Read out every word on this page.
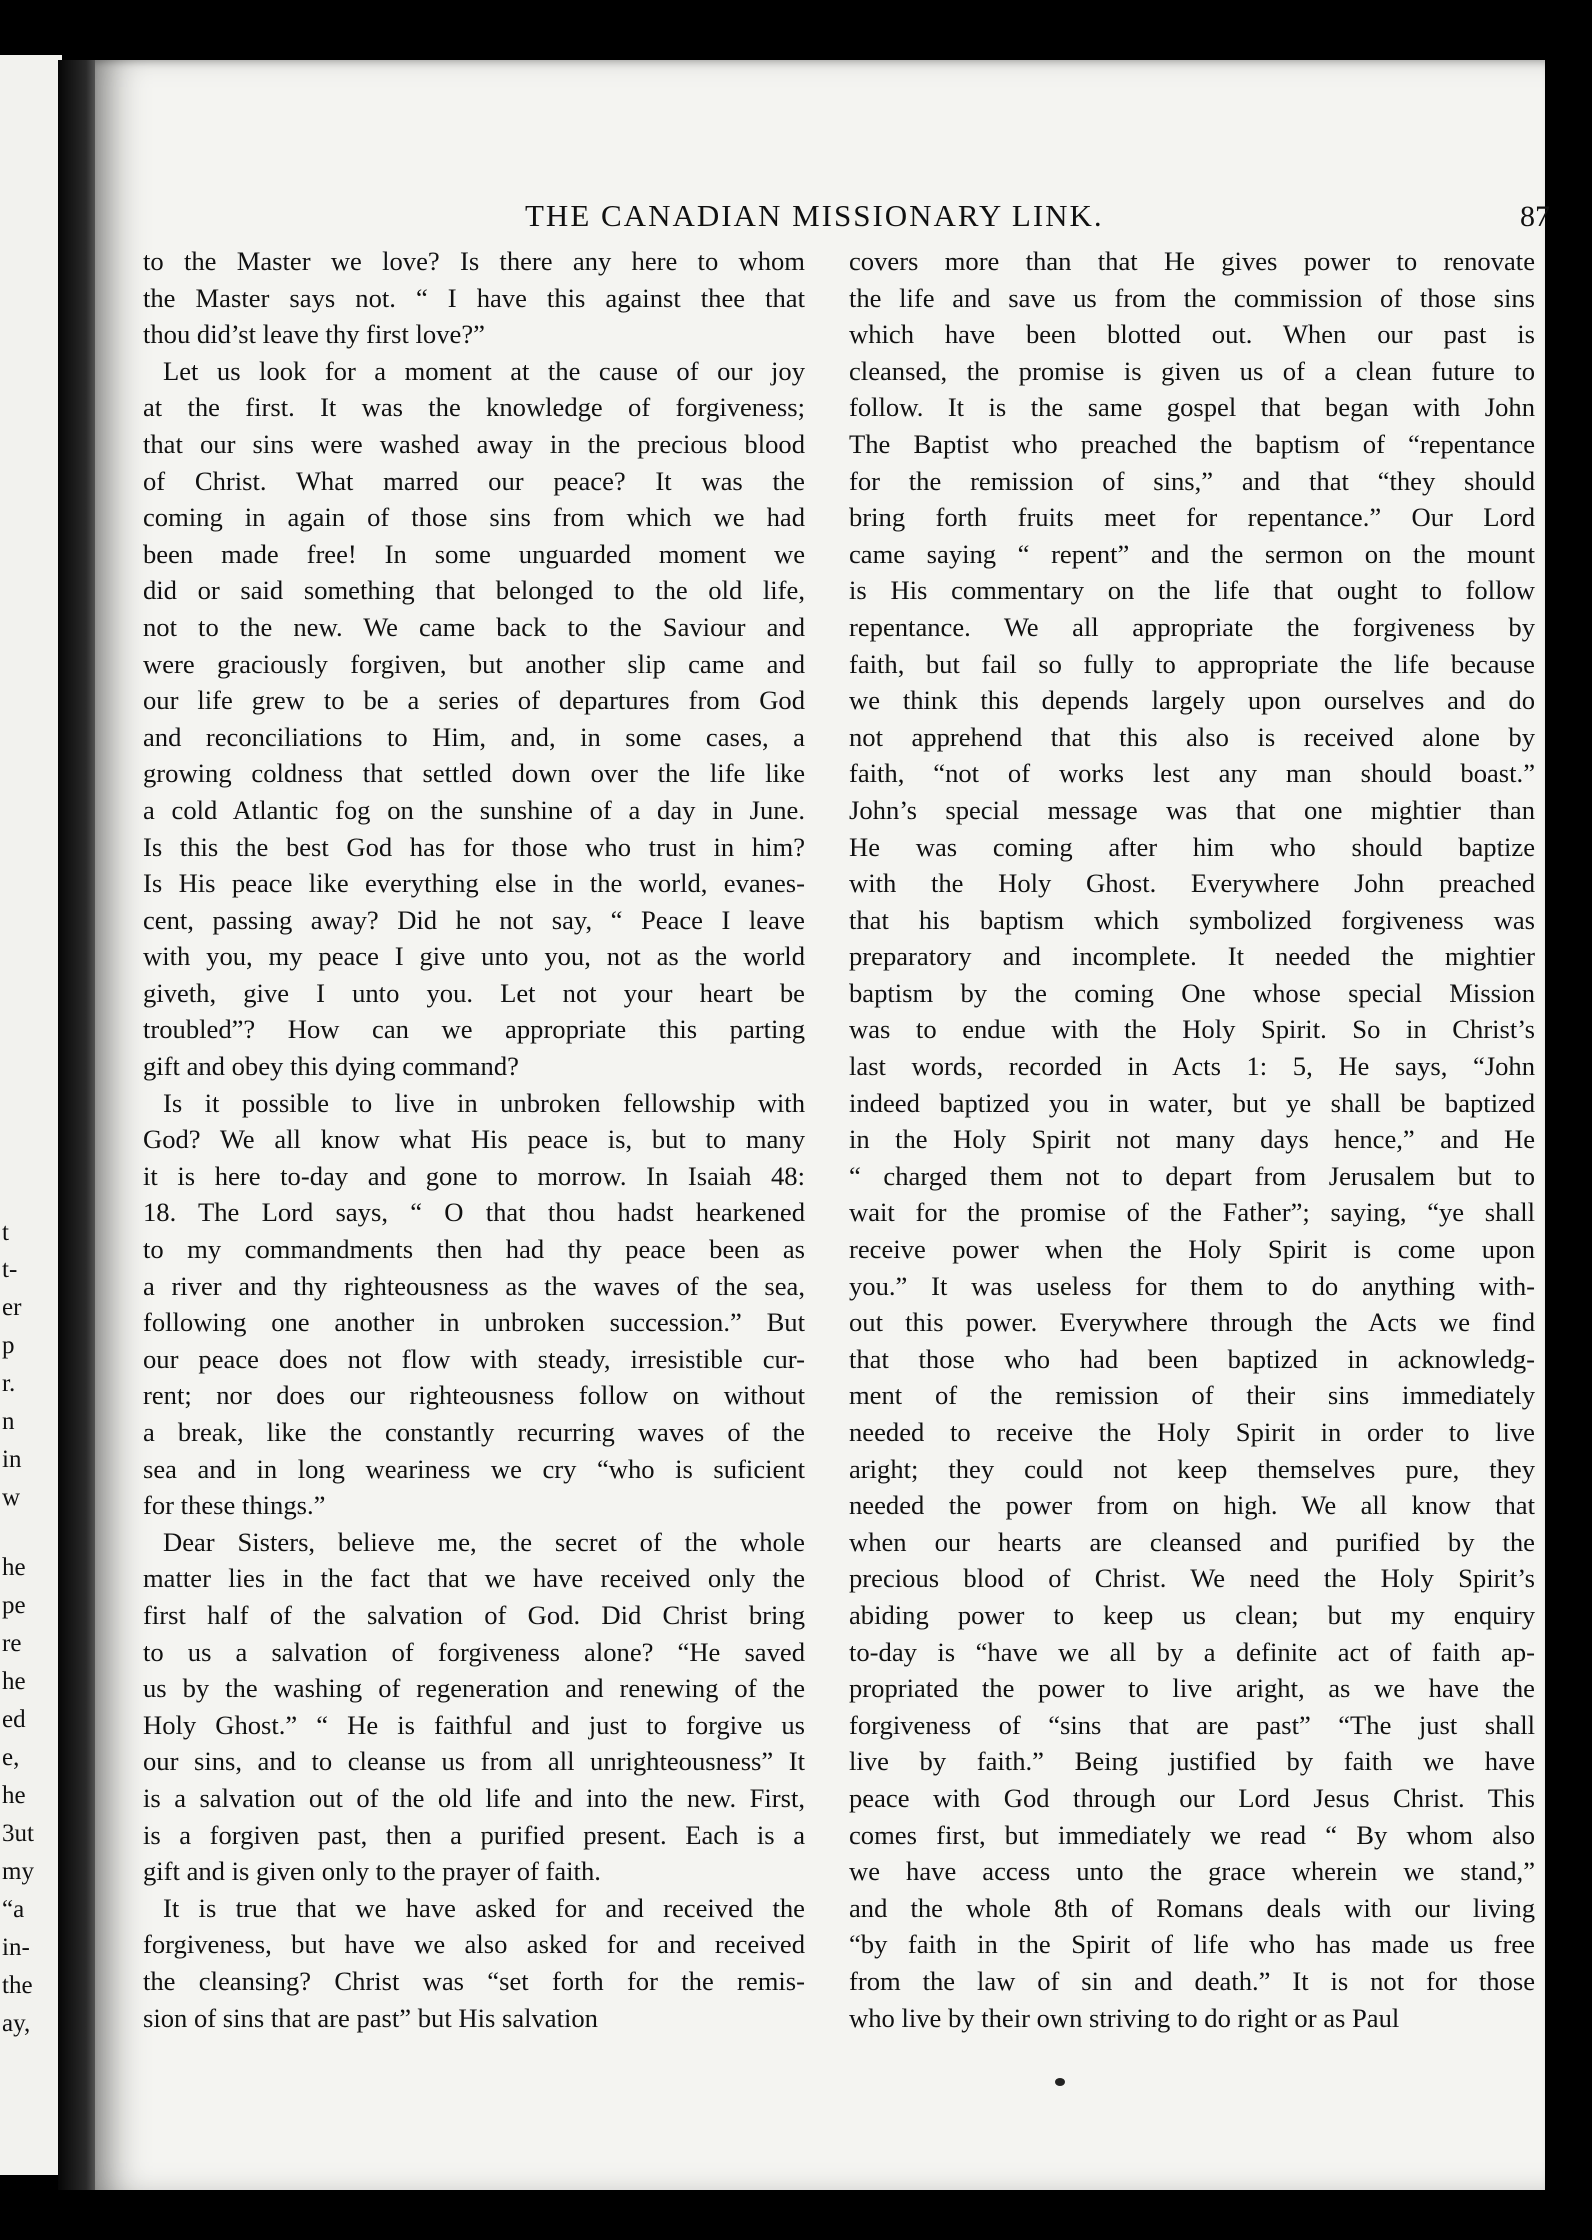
t
t-
er
p
r.
n
in
w
he
pe
re
he
ed
e,
he
3ut
my
“a
in-
the
ay,
THE CANADIAN MISSIONARY LINK.	87
to the Master we love? Is there any here to whom
the Master says not. “ I have this against thee that
thou did’st leave thy first love?”
Let us look for a moment at the cause of our joy
at the first. It was the knowledge of forgiveness;
that our sins were washed away in the precious blood
of Christ. What marred our peace? It was the
coming in again of those sins from which we had
been made free! In some unguarded moment we
did or said something that belonged to the old life,
not to the new. We came back to the Saviour and
were graciously forgiven, but another slip came and
our life grew to be a series of departures from God
and reconciliations to Him, and, in some cases, a
growing coldness that settled down over the life like
a cold Atlantic fog on the sunshine of a day in June.
Is this the best God has for those who trust in him?
Is His peace like everything else in the world, evanes-
cent, passing away? Did he not say, “ Peace I leave
with you, my peace I give unto you, not as the world
giveth, give I unto you. Let not your heart be
troubled”? How can we appropriate this parting
gift and obey this dying command?
Is it possible to live in unbroken fellowship with
God? We all know what His peace is, but to many
it is here to-day and gone to morrow. In Isaiah 48:
18. The Lord says, “ O that thou hadst hearkened
to my commandments then had thy peace been as
a river and thy righteousness as the waves of the sea,
following one another in unbroken succession.” But
our peace does not flow with steady, irresistible cur-
rent; nor does our righteousness follow on without
a break, like the constantly recurring waves of the
sea and in long weariness we cry “who is suficient
for these things.”
Dear Sisters, believe me, the secret of the whole
matter lies in the fact that we have received only the
first half of the salvation of God. Did Christ bring
to us a salvation of forgiveness alone? “He saved
us by the washing of regeneration and renewing of the
Holy Ghost.” “ He is faithful and just to forgive us
our sins, and to cleanse us from all unrighteousness” It
is a salvation out of the old life and into the new. First,
is a forgiven past, then a purified present. Each is a
gift and is given only to the prayer of faith.
It is true that we have asked for and received the
forgiveness, but have we also asked for and received
the cleansing? Christ was “set forth for the remis-
sion of sins that are past” but His salvation
covers more than that He gives power to renovate
the life and save us from the commission of those sins
which have been blotted out. When our past is
cleansed, the promise is given us of a clean future to
follow. It is the same gospel that began with John
The Baptist who preached the baptism of “repentance
for the remission of sins,” and that “they should
bring forth fruits meet for repentance.” Our Lord
came saying “ repent” and the sermon on the mount
is His commentary on the life that ought to follow
repentance. We all appropriate the forgiveness by
faith, but fail so fully to appropriate the life because
we think this depends largely upon ourselves and do
not apprehend that this also is received alone by
faith, “not of works lest any man should boast.”
John’s special message was that one mightier than
He was coming after him who should baptize
with the Holy Ghost. Everywhere John preached
that his baptism which symbolized forgiveness was
preparatory and incomplete. It needed the mightier
baptism by the coming One whose special Mission
was to endue with the Holy Spirit. So in Christ’s
last words, recorded in Acts 1: 5, He says, “John
indeed baptized you in water, but ye shall be baptized
in the Holy Spirit not many days hence,” and He
“ charged them not to depart from Jerusalem but to
wait for the promise of the Father”; saying, “ye shall
receive power when the Holy Spirit is come upon
you.” It was useless for them to do anything with-
out this power. Everywhere through the Acts we find
that those who had been baptized in acknowledg-
ment of the remission of their sins immediately
needed to receive the Holy Spirit in order to live
aright; they could not keep themselves pure, they
needed the power from on high. We all know that
when our hearts are cleansed and purified by the
precious blood of Christ. We need the Holy Spirit’s
abiding power to keep us clean; but my enquiry
to-day is “have we all by a definite act of faith ap-
propriated the power to live aright, as we have the
forgiveness of “sins that are past” “The just shall
live by faith.” Being justified by faith we have
peace with God through our Lord Jesus Christ. This
comes first, but immediately we read “ By whom also
we have access unto the grace wherein we stand,”
and the whole 8th of Romans deals with our living
“by faith in the Spirit of life who has made us free
from the law of sin and death.” It is not for those
who live by their own striving to do right or as Paul
